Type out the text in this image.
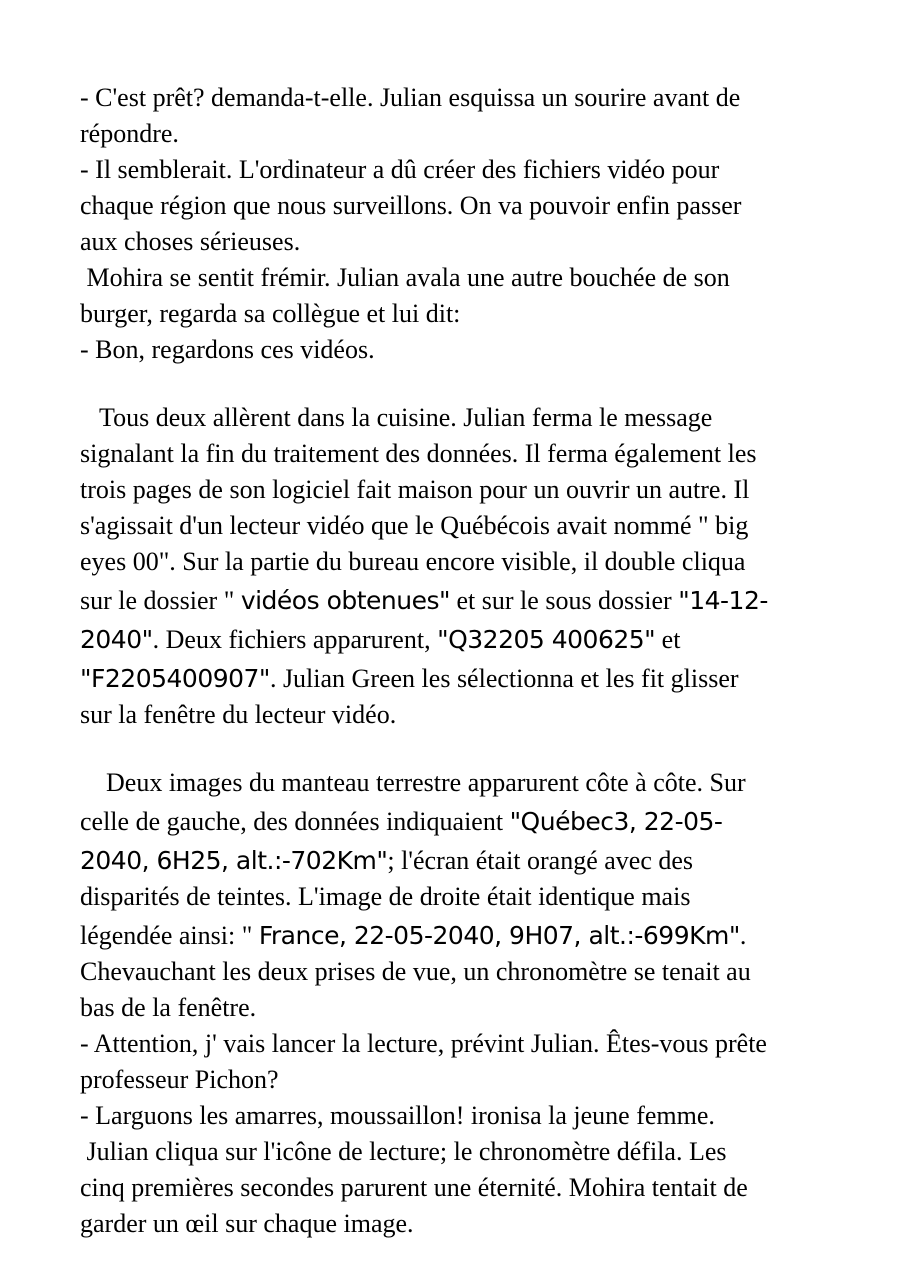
- C'est prêt? demanda-t-elle. Julian esquissa un sourire avant de
répondre.
- Il semblerait. L'ordinateur a dû créer des fichiers vidéo pour
chaque région que nous surveillons. On va pouvoir enfin passer
aux choses sérieuses.
Mohira se sentit frémir. Julian avala une autre bouchée de son
burger, regarda sa collègue et lui dit:
- Bon, regardons ces vidéos.
Tous deux allèrent dans la cuisine. Julian ferma le message
signalant la fin du traitement des données. Il ferma également les
trois pages de son logiciel fait maison pour un ouvrir un autre. Il
s'agissait d'un lecteur vidéo que le Québécois avait nommé " big
eyes 00". Sur la partie du bureau encore visible, il double cliqua
sur le dossier " vidéos obtenues" et sur le sous dossier "14-12-
2040". Deux fichiers apparurent, "Q32205 400625" et
"F2205400907". Julian Green les sélectionna et les fit glisser
sur la fenêtre du lecteur vidéo.
Deux images du manteau terrestre apparurent côte à côte. Sur
celle de gauche, des données indiquaient "Québec3, 22-05-
2040, 6H25, alt.:-702Km"; l'écran était orangé avec des
disparités de teintes. L'image de droite était identique mais
légendée ainsi: " France, 22-05-2040, 9H07, alt.:-699Km".
Chevauchant les deux prises de vue, un chronomètre se tenait au
bas de la fenêtre.
- Attention, j' vais lancer la lecture, prévint Julian. Êtes-vous prête
professeur Pichon?
- Larguons les amarres, moussaillon! ironisa la jeune femme.
Julian cliqua sur l'icône de lecture; le chronomètre défila. Les
cinq premières secondes parurent une éternité. Mohira tentait de
garder un œil sur chaque image.
